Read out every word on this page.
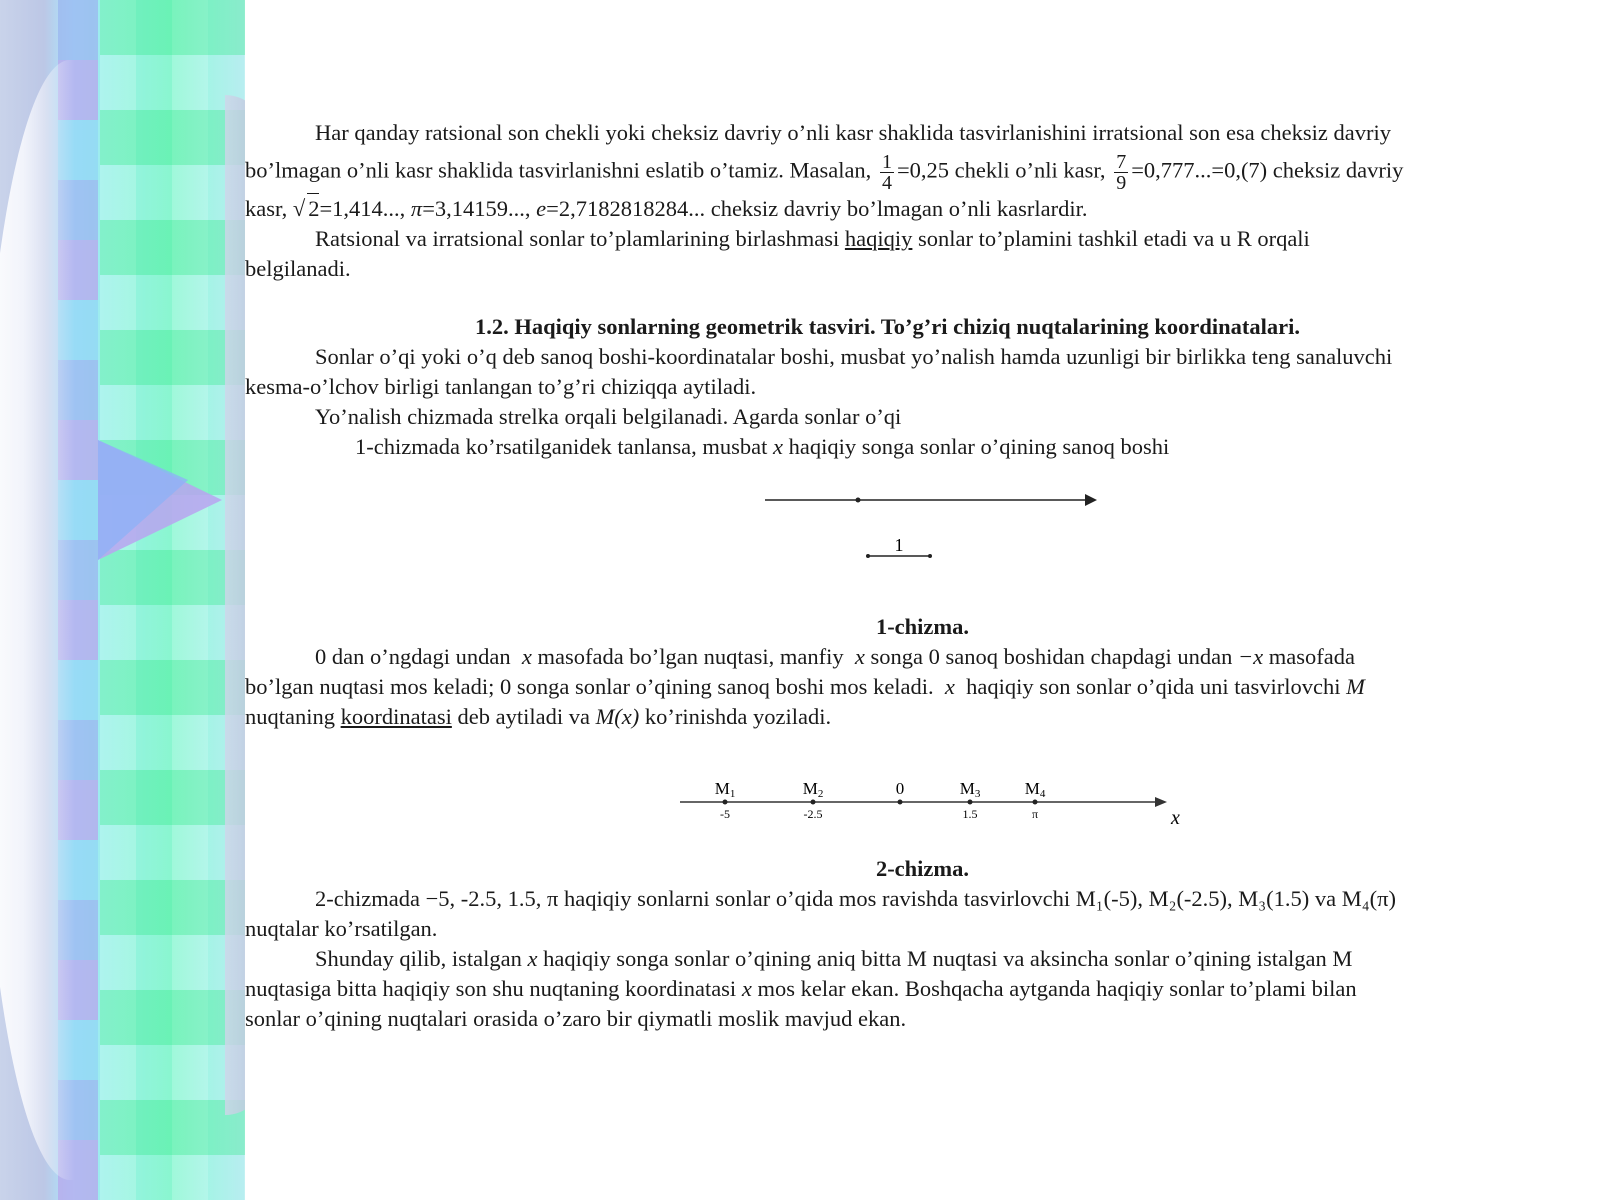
Har qanday ratsional son chekli yoki cheksiz davriy o’nli kasr shaklida tasvirlanishini irratsional son esa cheksiz davriy

bo’lmagan o’nli kasr shaklida tasvirlanishni eslatib o’tamiz. Masalan, $\frac{1}{4} =0,25$ chekli o’nli kasr, $\frac{7}{9} =0,777...=0,(7)$ cheksiz davriy

kasr, √ 2=1,414..., π=3,14159..., e=2,7182818284... cheksiz davriy bo’lmagan o’nli kasrlardir.

Ratsional va irratsional sonlar to’plamlarining birlashmasi haqiqiy sonlar to’plamini tashkil etadi va u R orqali

belgilanadi.

1.2. Haqiqiy sonlarning geometrik tasviri. To’g’ri chiziq nuqtalarining koordinatalari.

Sonlar o’qi yoki o’q deb sanoq boshi-koordinatalar boshi, musbat yo’nalish hamda uzunligi bir birlikka teng sanaluvchi

kesma-o’lchov birligi tanlangan to’g’ri chiziqqa aytiladi.

Yo’nalish chizmada strelka orqali belgilanadi. Agarda sonlar o’qi

1-chizmada ko’rsatilganidek tanlansa, musbat x haqiqiy songa sonlar o’qining sanoq boshi

1
1-chizma.

0 dan o’ngdagi undan x masofada bo’lgan nuqtasi, manfiy x songa 0 sanoq boshidan chapdagi undan −x masofada

bo’lgan nuqtasi mos keladi; 0 songa sonlar o’qining sanoq boshi mos keladi. x haqiqiy son sonlar o’qida uni tasvirlovchi M

nuqtaning koordinatasi deb aytiladi va M(x) ko’rinishda yoziladi.

x
M1
-5
M2
-2.5
0	M3
1.5
M4
π
2-chizma.

2-chizmada −5, -2.5, 1.5, π haqiqiy sonlarni sonlar o’qida mos ravishda tasvirlovchi M₁(-5), M₂(-2.5), M₃(1.5) va M₄(π)

nuqtalar ko’rsatilgan.

Shunday qilib, istalgan x haqiqiy songa sonlar o’qining aniq bitta M nuqtasi va aksincha sonlar o’qining istalgan M

nuqtasiga bitta haqiqiy son shu nuqtaning koordinatasi x mos kelar ekan. Boshqacha aytganda haqiqiy sonlar to’plami bilan

sonlar o’qining nuqtalari orasida o’zaro bir qiymatli moslik mavjud ekan.
